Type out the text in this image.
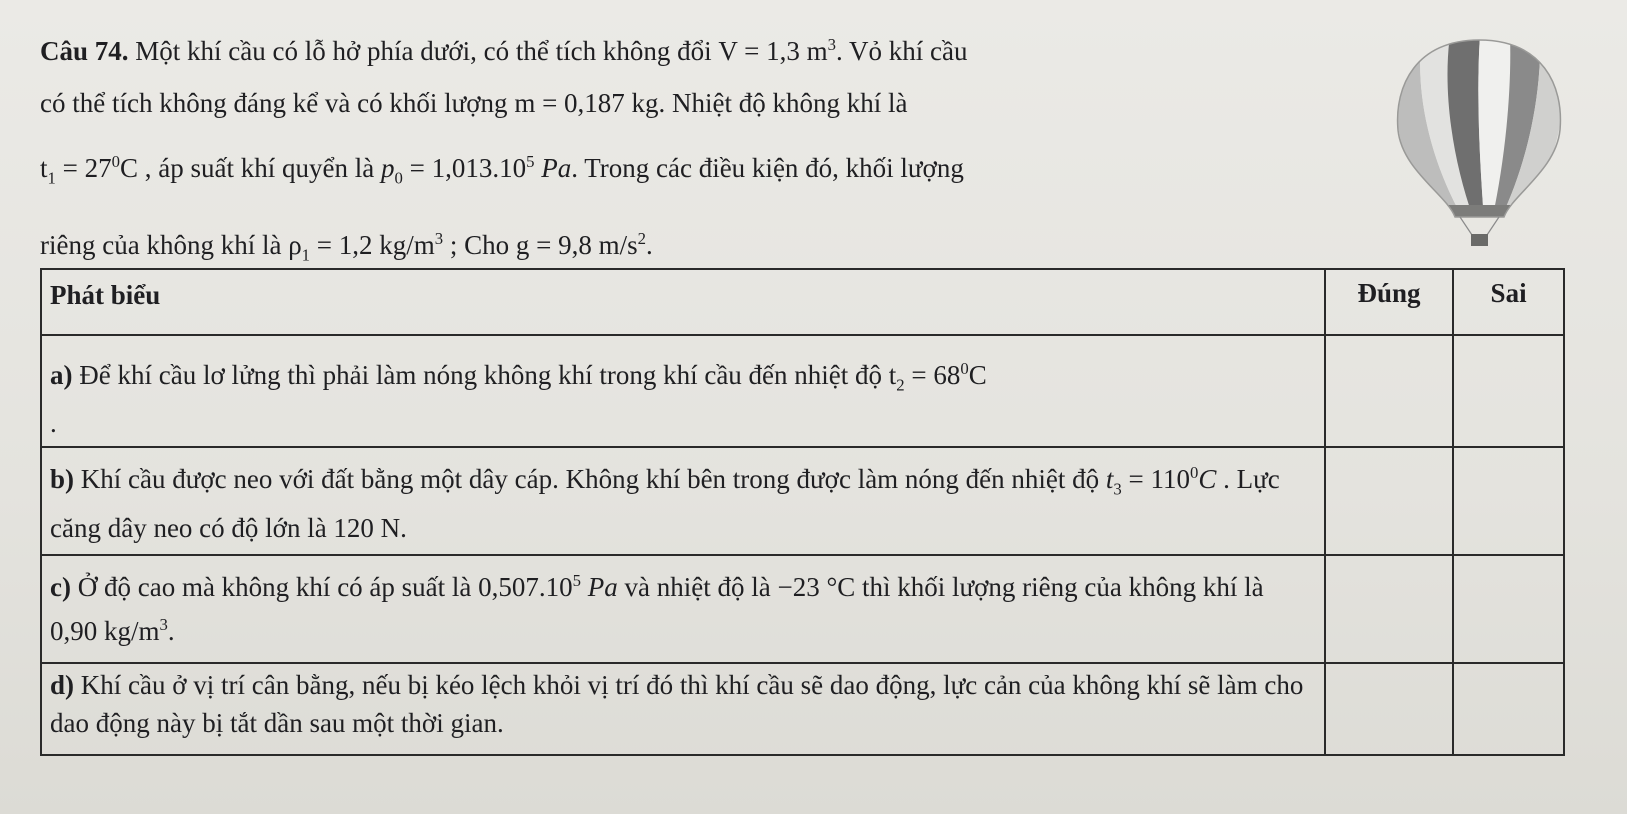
Câu 74. Một khí cầu có lỗ hở phía dưới, có thể tích không đổi V = 1,3 $m^3$. Vỏ khí cầu
có thể tích không đáng kể và có khối lượng m = 0,187 kg. Nhiệt độ không khí là
$t_1 = 27^0C$ , áp suất khí quyển là $p_0 = 1,013.10^5$ Pa. Trong các điều kiện đó, khối lượng
riêng của không khí là $\rho_1 = 1,2$ $kg/m^3$ ; Cho g = 9,8 $m/s^2$.
Phát biểu	Đúng	Sai
a) Để khí cầu lơ lửng thì phải làm nóng không khí trong khí cầu đến nhiệt độ $t_2 = 68^0C$
.		
b) Khí cầu được neo với đất bằng một dây cáp. Không khí bên trong được làm nóng đến nhiệt độ $t_3 = 110^0C$ . Lực căng dây neo có độ lớn là 120 N.		
c) Ở độ cao mà không khí có áp suất là 0,507.10$^5$ Pa và nhiệt độ là −23 °C thì khối lượng riêng của không khí là 0,90 $kg/m^3$.		
d) Khí cầu ở vị trí cân bằng, nếu bị kéo lệch khỏi vị trí đó thì khí cầu sẽ dao động, lực cản của không khí sẽ làm cho dao động này bị tắt dần sau một thời gian.		
